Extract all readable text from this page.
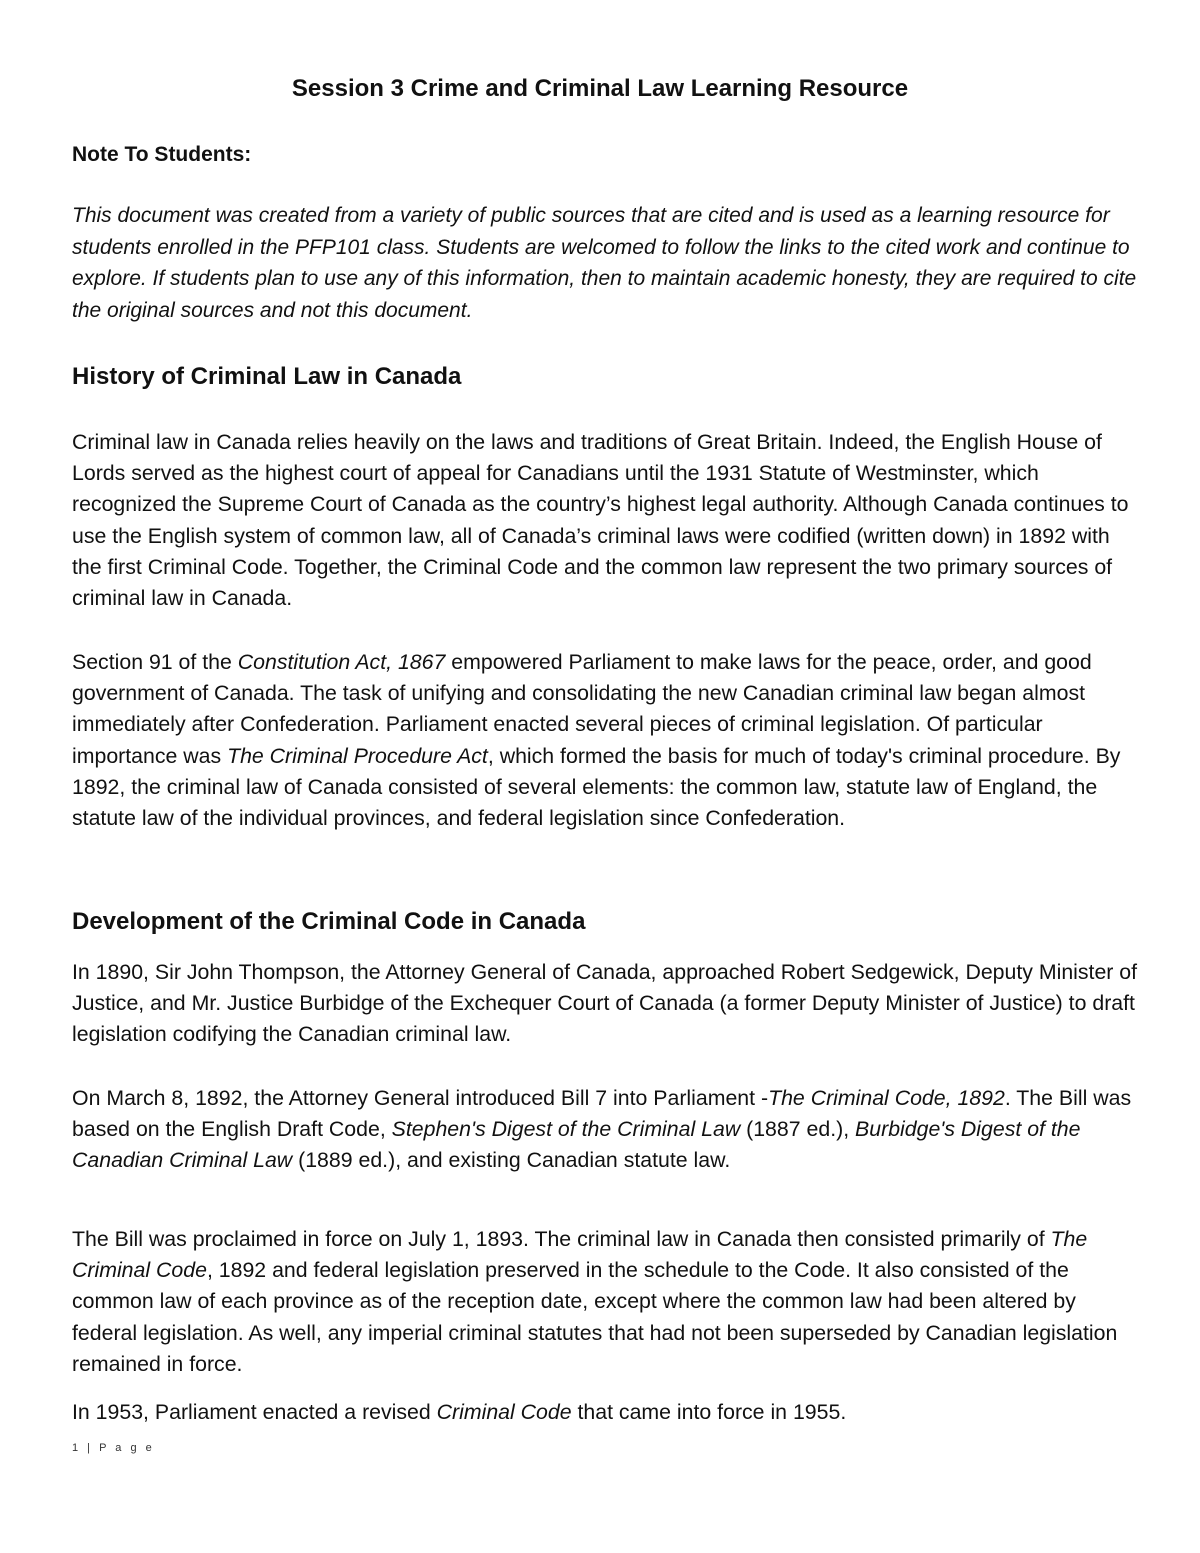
Session 3 Crime and Criminal Law Learning Resource

Note To Students:

This document was created from a variety of public sources that are cited and is used as a learning resource for students enrolled in the PFP101 class. Students are welcomed to follow the links to the cited work and continue to explore. If students plan to use any of this information, then to maintain academic honesty, they are required to cite the original sources and not this document.

History of Criminal Law in Canada

Criminal law in Canada relies heavily on the laws and traditions of Great Britain. Indeed, the English House of Lords served as the highest court of appeal for Canadians until the 1931 Statute of Westminster, which recognized the Supreme Court of Canada as the country’s highest legal authority. Although Canada continues to use the English system of common law, all of Canada’s criminal laws were codified (written down) in 1892 with the first Criminal Code. Together, the Criminal Code and the common law represent the two primary sources of criminal law in Canada.

Section 91 of the Constitution Act, 1867 empowered Parliament to make laws for the peace, order, and good government of Canada. The task of unifying and consolidating the new Canadian criminal law began almost immediately after Confederation. Parliament enacted several pieces of criminal legislation. Of particular importance was The Criminal Procedure Act, which formed the basis for much of today's criminal procedure. By 1892, the criminal law of Canada consisted of several elements: the common law, statute law of England, the statute law of the individual provinces, and federal legislation since Confederation.

Development of the Criminal Code in Canada

In 1890, Sir John Thompson, the Attorney General of Canada, approached Robert Sedgewick, Deputy Minister of Justice, and Mr. Justice Burbidge of the Exchequer Court of Canada (a former Deputy Minister of Justice) to draft legislation codifying the Canadian criminal law.

On March 8, 1892, the Attorney General introduced Bill 7 into Parliament -The Criminal Code, 1892. The Bill was based on the English Draft Code, Stephen's Digest of the Criminal Law (1887 ed.), Burbidge's Digest of the Canadian Criminal Law (1889 ed.), and existing Canadian statute law.

The Bill was proclaimed in force on July 1, 1893. The criminal law in Canada then consisted primarily of The Criminal Code, 1892 and federal legislation preserved in the schedule to the Code. It also consisted of the common law of each province as of the reception date, except where the common law had been altered by federal legislation. As well, any imperial criminal statutes that had not been superseded by Canadian legislation remained in force.

In 1953, Parliament enacted a revised Criminal Code that came into force in 1955.

1 | P a g e
